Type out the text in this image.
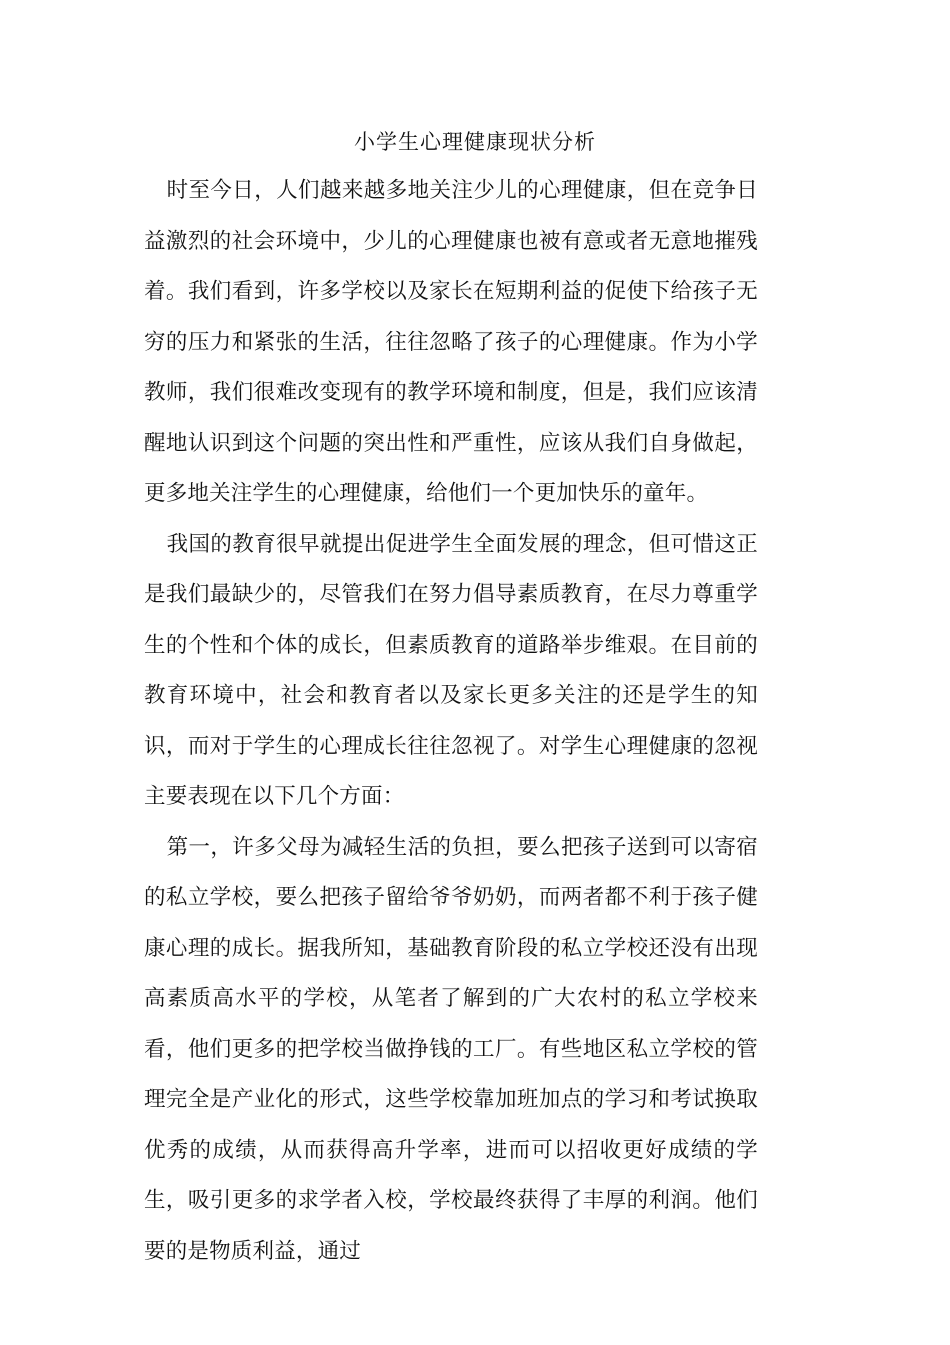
小学生心理健康现状分析

时至今日，人们越来越多地关注少儿的心理健康，但在竞争日益激烈的社会环境中，少儿的心理健康也被有意或者无意地摧残着。我们看到，许多学校以及家长在短期利益的促使下给孩子无穷的压力和紧张的生活，往往忽略了孩子的心理健康。作为小学教师，我们很难改变现有的教学环境和制度，但是，我们应该清醒地认识到这个问题的突出性和严重性，应该从我们自身做起，更多地关注学生的心理健康，给他们一个更加快乐的童年。

我国的教育很早就提出促进学生全面发展的理念，但可惜这正是我们最缺少的，尽管我们在努力倡导素质教育，在尽力尊重学生的个性和个体的成长，但素质教育的道路举步维艰。在目前的教育环境中，社会和教育者以及家长更多关注的还是学生的知识，而对于学生的心理成长往往忽视了。对学生心理健康的忽视主要表现在以下几个方面：

第一，许多父母为减轻生活的负担，要么把孩子送到可以寄宿的私立学校，要么把孩子留给爷爷奶奶，而两者都不利于孩子健康心理的成长。据我所知，基础教育阶段的私立学校还没有出现高素质高水平的学校，从笔者了解到的广大农村的私立学校来看，他们更多的把学校当做挣钱的工厂。有些地区私立学校的管理完全是产业化的形式，这些学校靠加班加点的学习和考试换取优秀的成绩，从而获得高升学率，进而可以招收更好成绩的学生，吸引更多的求学者入校，学校最终获得了丰厚的利润。他们要的是物质利益，通过
